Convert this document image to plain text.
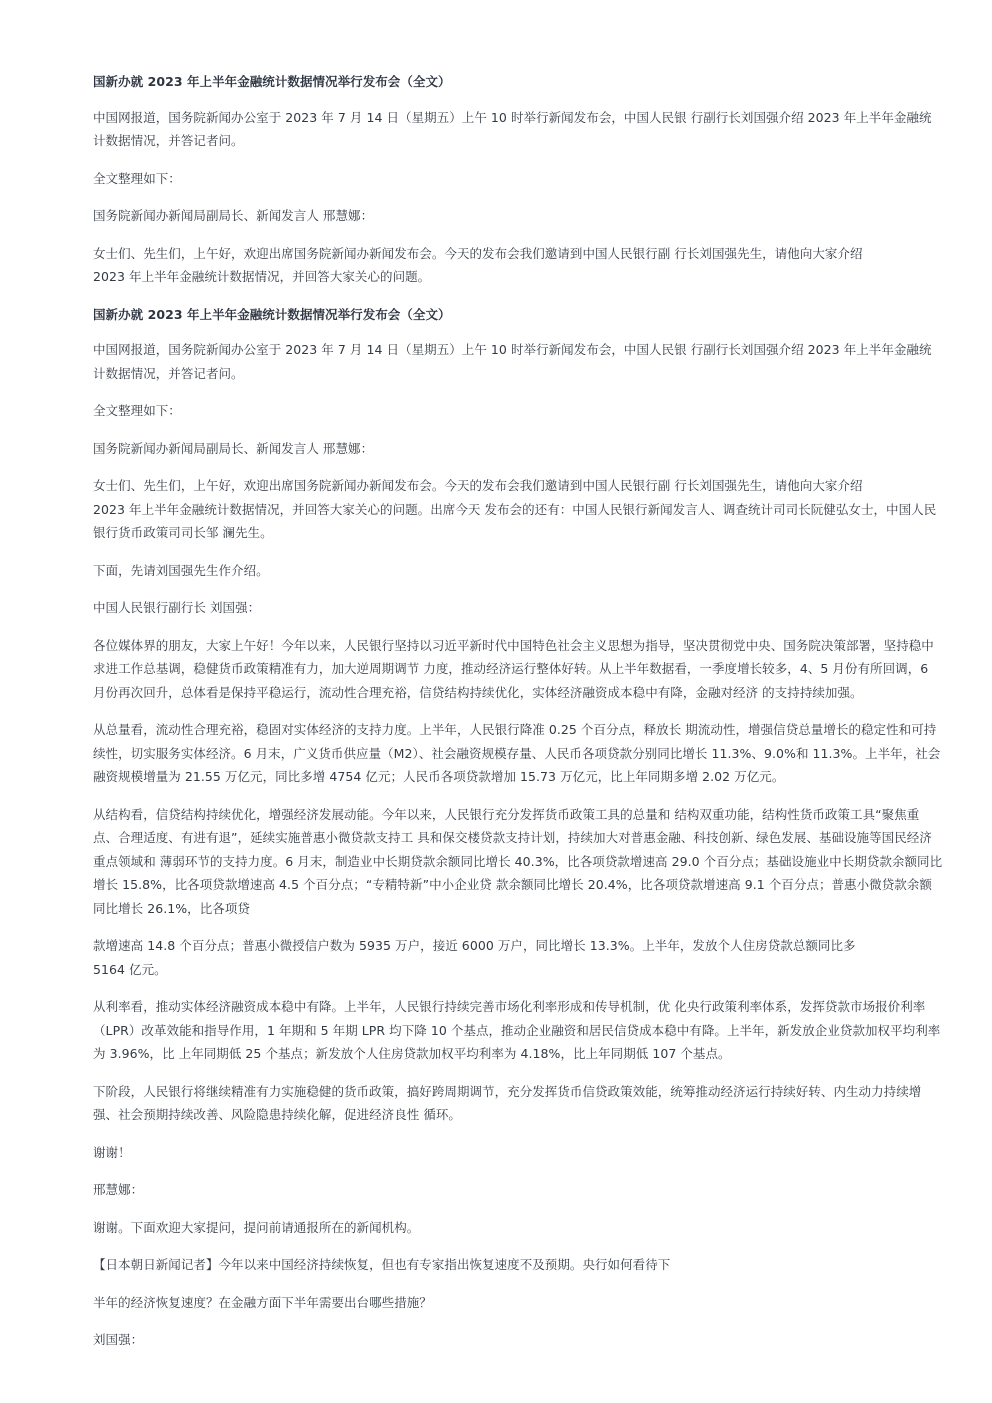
国新办就 2023 年上半年金融统计数据情况举行发布会（全文）

中国网报道，国务院新闻办公室于 2023 年 7 月 14 日（星期五）上午 10 时举行新闻发布会，中国人民银 行副行长刘国强介绍 2023 年上半年金融统计数据情况，并答记者问。

全文整理如下：

国务院新闻办新闻局副局长、新闻发言人 邢慧娜：

女士们、先生们，上午好，欢迎出席国务院新闻办新闻发布会。今天的发布会我们邀请到中国人民银行副 行长刘国强先生，请他向大家介绍
2023 年上半年金融统计数据情况，并回答大家关心的问题。

国新办就 2023 年上半年金融统计数据情况举行发布会（全文）

中国网报道，国务院新闻办公室于 2023 年 7 月 14 日（星期五）上午 10 时举行新闻发布会，中国人民银 行副行长刘国强介绍 2023 年上半年金融统计数据情况，并答记者问。

全文整理如下：

国务院新闻办新闻局副局长、新闻发言人 邢慧娜：

女士们、先生们，上午好，欢迎出席国务院新闻办新闻发布会。今天的发布会我们邀请到中国人民银行副 行长刘国强先生，请他向大家介绍
2023 年上半年金融统计数据情况，并回答大家关心的问题。出席今天 发布会的还有：中国人民银行新闻发言人、调查统计司司长阮健弘女士，中国人民银行货币政策司司长邹 澜先生。

下面，先请刘国强先生作介绍。

中国人民银行副行长 刘国强：

各位媒体界的朋友，大家上午好！今年以来，人民银行坚持以习近平新时代中国特色社会主义思想为指导，坚决贯彻党中央、国务院决策部署，坚持稳中求进工作总基调，稳健货币政策精准有力，加大逆周期调节 力度，推动经济运行整体好转。从上半年数据看，一季度增长较多，4、5 月份有所回调，6 月份再次回升，总体看是保持平稳运行，流动性合理充裕，信贷结构持续优化，实体经济融资成本稳中有降，金融对经济 的支持持续加强。

从总量看，流动性合理充裕，稳固对实体经济的支持力度。上半年，人民银行降准 0.25 个百分点，释放长 期流动性，增强信贷总量增长的稳定性和可持续性，切实服务实体经济。6 月末，广义货币供应量（M2）、社会融资规模存量、人民币各项贷款分别同比增长 11.3%、9.0%和 11.3%。上半年，社会融资规模增量为 21.55 万亿元，同比多增 4754 亿元；人民币各项贷款增加 15.73 万亿元，比上年同期多增 2.02 万亿元。

从结构看，信贷结构持续优化，增强经济发展动能。今年以来，人民银行充分发挥货币政策工具的总量和 结构双重功能，结构性货币政策工具“聚焦重点、合理适度、有进有退”，延续实施普惠小微贷款支持工 具和保交楼贷款支持计划，持续加大对普惠金融、科技创新、绿色发展、基础设施等国民经济重点领域和 薄弱环节的支持力度。6 月末，制造业中长期贷款余额同比增长 40.3%，比各项贷款增速高 29.0 个百分点；基础设施业中长期贷款余额同比增长 15.8%，比各项贷款增速高 4.5 个百分点；“专精特新”中小企业贷 款余额同比增长 20.4%，比各项贷款增速高 9.1 个百分点；普惠小微贷款余额同比增长 26.1%，比各项贷

款增速高 14.8 个百分点；普惠小微授信户数为 5935 万户，接近 6000 万户，同比增长 13.3%。上半年，发放个人住房贷款总额同比多
5164 亿元。

从利率看，推动实体经济融资成本稳中有降。上半年，人民银行持续完善市场化利率形成和传导机制，优 化央行政策利率体系，发挥贷款市场报价利率（LPR）改革效能和指导作用，1 年期和 5 年期 LPR 均下降 10 个基点，推动企业融资和居民信贷成本稳中有降。上半年，新发放企业贷款加权平均利率为 3.96%，比 上年同期低 25 个基点；新发放个人住房贷款加权平均利率为 4.18%，比上年同期低 107 个基点。

下阶段，人民银行将继续精准有力实施稳健的货币政策，搞好跨周期调节，充分发挥货币信贷政策效能，统筹推动经济运行持续好转、内生动力持续增强、社会预期持续改善、风险隐患持续化解，促进经济良性 循环。

谢谢！

邢慧娜：

谢谢。下面欢迎大家提问，提问前请通报所在的新闻机构。

【日本朝日新闻记者】今年以来中国经济持续恢复，但也有专家指出恢复速度不及预期。央行如何看待下

半年的经济恢复速度？在金融方面下半年需要出台哪些措施？

刘国强：
